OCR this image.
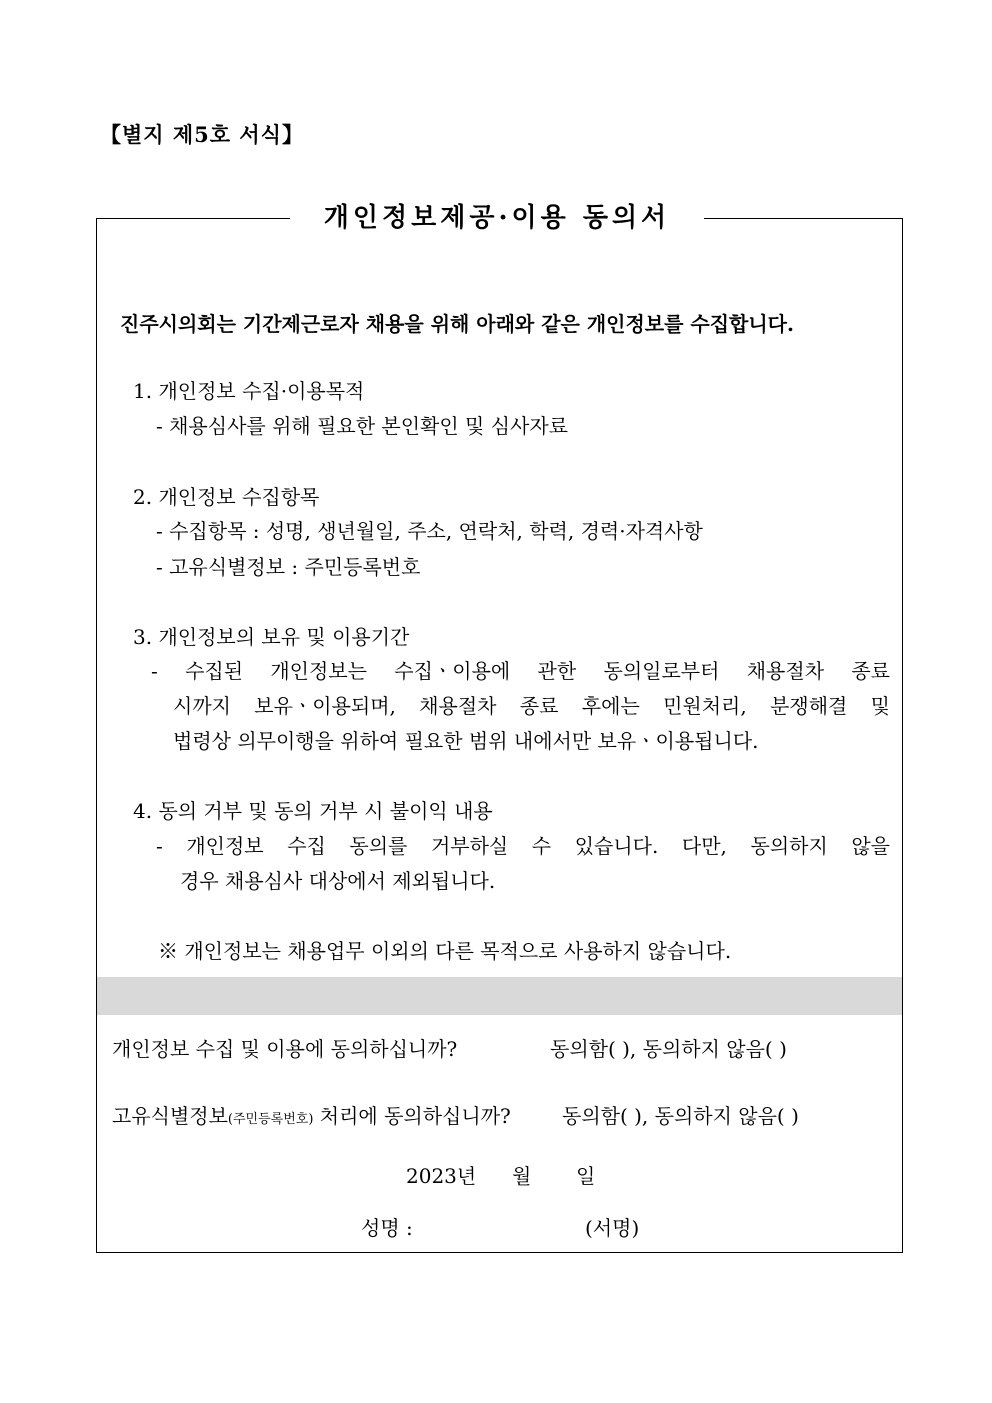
【별지 제5호 서식】
개인정보제공·이용 동의서
진주시의회는 기간제근로자 채용을 위해 아래와 같은 개인정보를 수집합니다.
1. 개인정보 수집·이용목적
- 채용심사를 위해 필요한 본인확인 및 심사자료
2. 개인정보 수집항목
- 수집항목 : 성명, 생년월일, 주소, 연락처, 학력, 경력·자격사항
- 고유식별정보 : 주민등록번호
3. 개인정보의 보유 및 이용기간
- 수집된 개인정보는 수집ㆍ이용에 관한 동의일로부터 채용절차 종료
시까지 보유ㆍ이용되며, 채용절차 종료 후에는 민원처리, 분쟁해결 및
법령상 의무이행을 위하여 필요한 범위 내에서만 보유ㆍ이용됩니다.
4. 동의 거부 및 동의 거부 시 불이익 내용
- 개인정보 수집 동의를 거부하실 수 있습니다. 다만, 동의하지 않을
경우 채용심사 대상에서 제외됩니다.
※ 개인정보는 채용업무 이외의 다른 목적으로 사용하지 않습니다.
개인정보 수집 및 이용에 동의하십니까?	동의함( ), 동의하지 않음( )
고유식별정보(주민등록번호) 처리에 동의하십니까?	동의함( ), 동의하지 않음( )
2023년 월 일
성명 :	(서명)
